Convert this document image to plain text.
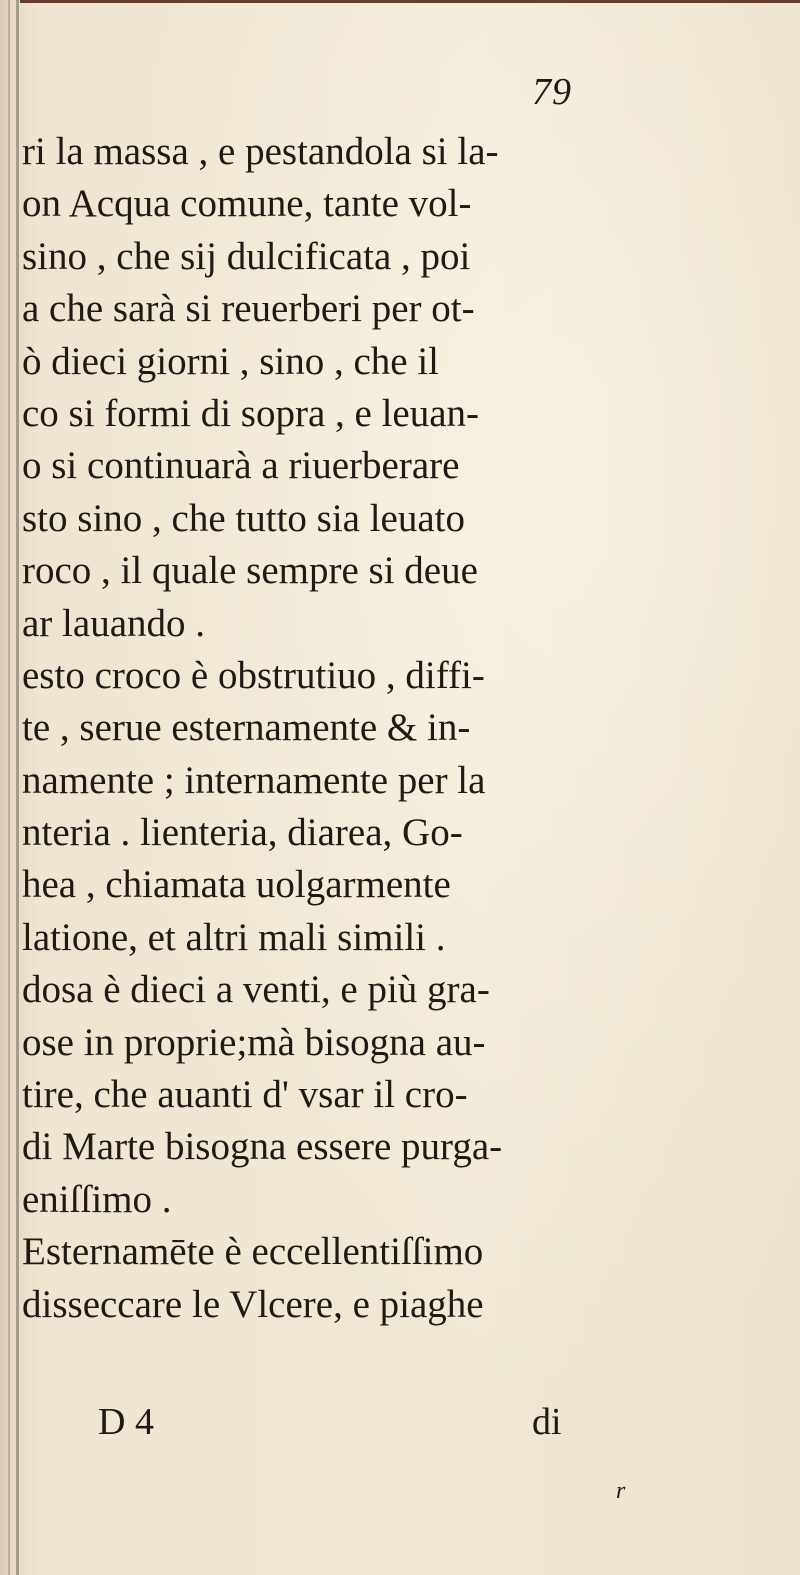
79
ri la massa , e pestandola si la-
on Acqua comune, tante vol-
sino , che sij dulcificata , poi
a che sarà si reuerberi per ot-
ò dieci giorni , sino , che il
co si formi di sopra , e leuan-
o si continuarà a riuerberare
sto sino , che tutto sia leuato
roco , il quale sempre si deue
ar lauando .
esto croco è obstrutiuo , diffi-
te , serue esternamente & in-
namente ; internamente per la
nteria . lienteria, diarea, Go-
hea , chiamata uolgarmente
latione, et altri mali simili .
dosa è dieci a venti, e più gra-
ose in proprie;mà bisogna au-
tire, che auanti d' vsar il cro-
di Marte bisogna essere purga-
eniſſimo .
Esternamēte è eccellentiſſimo
disseccare le Vlcere, e piaghe
D 4	di
r
